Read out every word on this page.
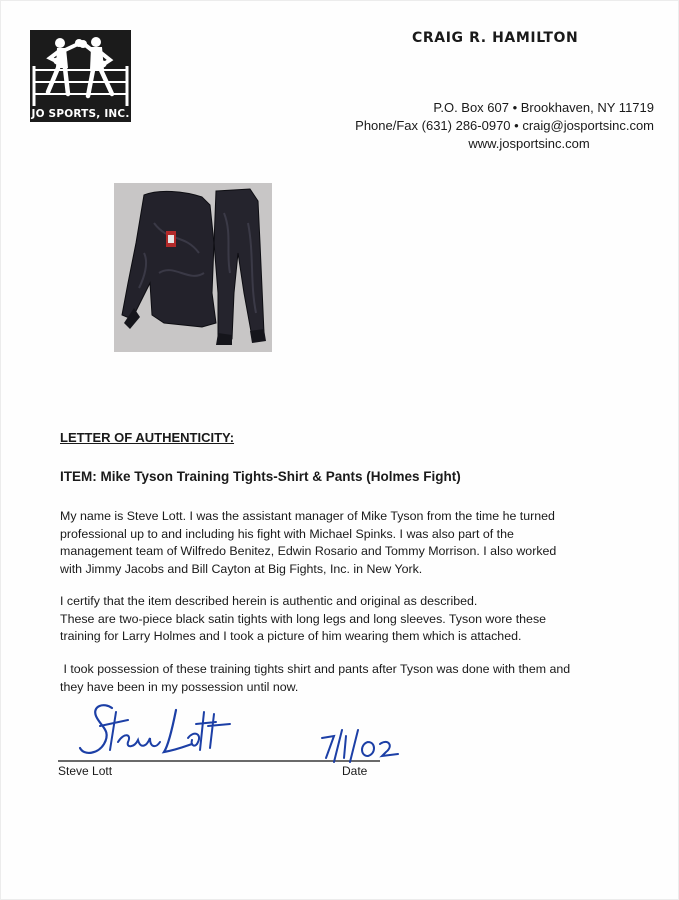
JO SPORTS, INC.
CRAIG R. HAMILTON
P.O. Box 607 • Brookhaven, NY 11719
Phone/Fax (631) 286-0970 • craig@josportsinc.com
www.josportsinc.com
LETTER OF AUTHENTICITY:
ITEM: Mike Tyson Training Tights-Shirt & Pants (Holmes Fight)
My name is Steve Lott. I was the assistant manager of Mike Tyson from the time he turned
professional up to and including his fight with Michael Spinks. I was also part of the
management team of Wilfredo Benitez, Edwin Rosario and Tommy Morrison. I also worked
with Jimmy Jacobs and Bill Cayton at Big Fights, Inc. in New York.
I certify that the item described herein is authentic and original as described.
These are two-piece black satin tights with long legs and long sleeves. Tyson wore these
training for Larry Holmes and I took a picture of him wearing them which is attached.
I took possession of these training tights shirt and pants after Tyson was done with them and
they have been in my possession until now.
Steve Lott	Date
